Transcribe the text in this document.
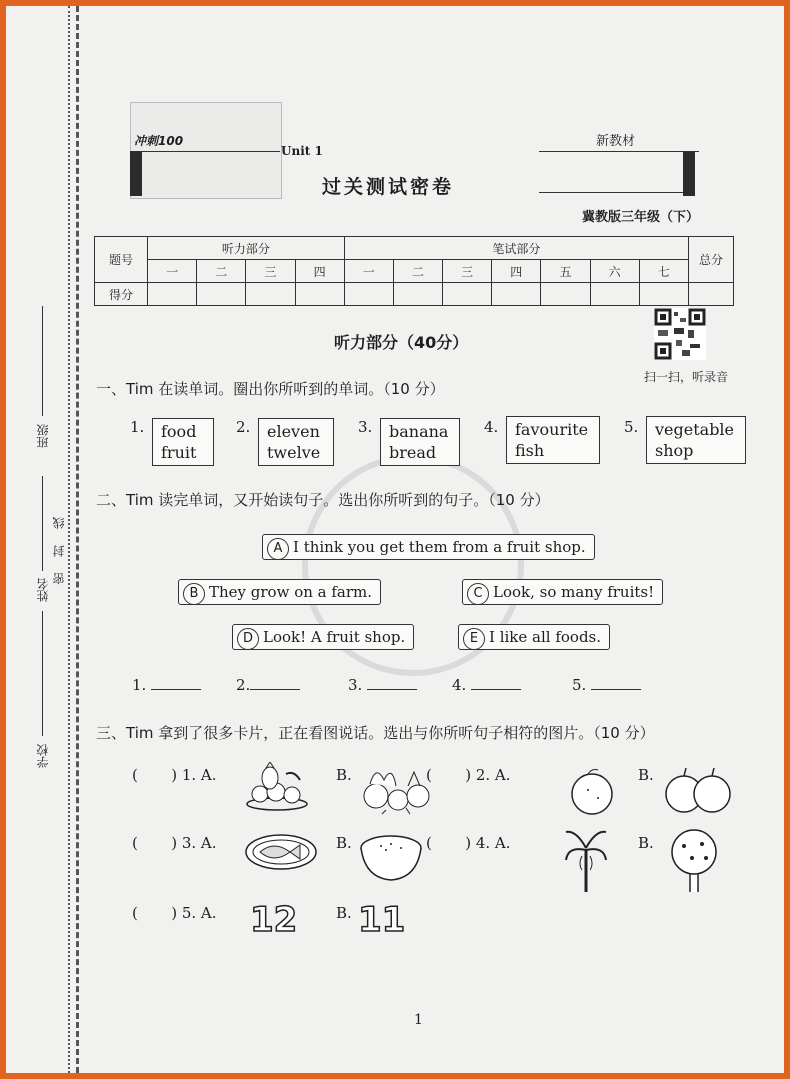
班级
姓名
密 封 线
学校
冲刺100
Unit 1
新教材
过关测试密卷
冀教版三年级（下）
题号	听力部分				笔试部分							总分
	一	二	三	四	一	二	三	四	五	六	七	
得分												
听力部分（40分）
扫一扫，听录音
一、Tim 在读单词。圈出你所听到的单词。（10 分）
1. food
fruit
2. eleven
twelve
3. banana
bread
4. favourite
fish
5. vegetable
shop
二、Tim 读完单词，又开始读句子。选出你所听到的句子。（10 分）
A I think you get them from a fruit shop.
B They grow on a farm.	C Look, so many fruits!
D Look! A fruit shop.	E I like all foods.
1.	2.	3.	4.	5.
三、Tim 拿到了很多卡片，正在看图说话。选出与你所听句子相符的图片。（10 分）
(       ) 1. A.	B.	(       ) 2. A.	B.
(       ) 3. A.	B.	(       ) 4. A.	B.
(       ) 5. A. 12	B. 11
1
